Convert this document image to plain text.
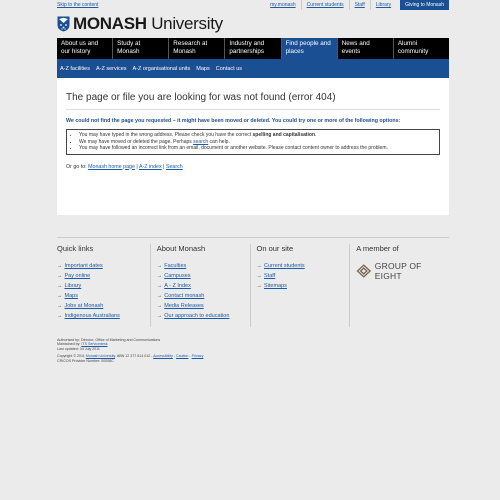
Skip to the content	my.monash	Current students	Staff	Library	Giving to Monash
MONASH University
About us and our history
Study at Monash
Research at Monash
Industry and partnerships
Find people and places
News and events
Alumni community
A-Z facilities A-Z services A-Z organisational units Maps Contact us
The page or file you are looking for was not found (error 404)

We could not find the page you requested – it might have been moved or deleted. You could try one or more of the following options:

• You may have typed in the wrong address. Please check you have the correct spelling and capitalisation.
• We may have moved or deleted the page. Perhaps search can help.
• You may have followed an incorrect link from an email, document or another website. Please contact content owner to address the problem.

Or go to: Monash home page | A-Z index | Search

Quick links
→ Important dates
→ Pay online
→ Library
→ Maps
→ Jobs at Monash
→ Indigenous Australians
About Monash
→ Faculties
→ Campuses
→ A - Z Index
→ Contact monash
→ Media Releases
→ Our approach to education
On our site
→ Current students
→ Staff
→ Sitemaps
A member of
GROUP OF EIGHT
Authorised by: Director, Office of Marketing and Communications
Maintained by: ITS Servicedesk
Last updated: 04 July 2011
Copyright © 2011 Monash University. ABN 12 377 614 012 - Accessibility - Caution - Privacy
CRICOS Provider Number: 00008C
